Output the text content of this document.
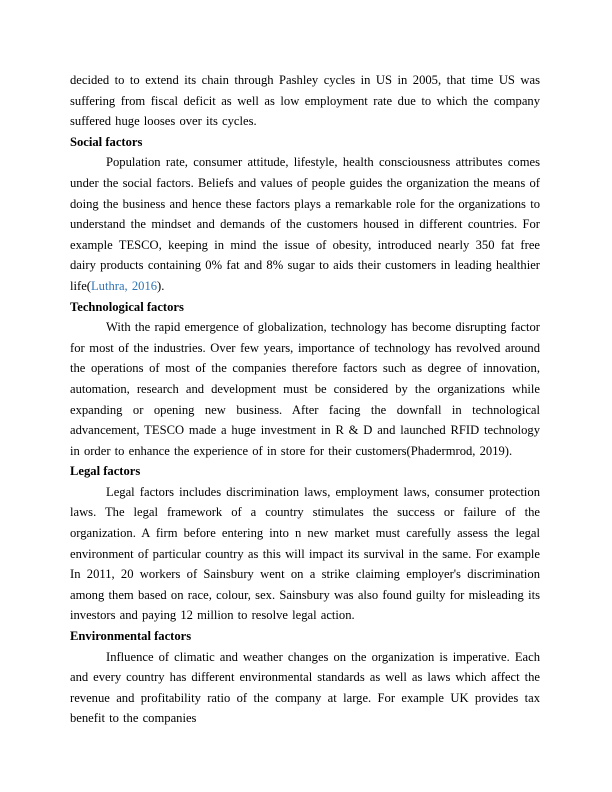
decided to to extend its chain through Pashley cycles in US in 2005, that time US was suffering from fiscal deficit as well as low employment rate due to which the company suffered huge looses over its cycles.

Social factors

Population rate, consumer attitude, lifestyle, health consciousness attributes comes under the social factors. Beliefs and values of people guides the organization the means of doing the business and hence these factors plays a remarkable role for the organizations to understand the mindset and demands of the customers housed in different countries. For example TESCO, keeping in mind the issue of obesity, introduced nearly 350 fat free dairy products containing 0% fat and 8% sugar to aids their customers in leading healthier life(Luthra, 2016).

Technological factors

With the rapid emergence of globalization, technology has become disrupting factor for most of the industries. Over few years, importance of technology has revolved around the operations of most of the companies therefore factors such as degree of innovation, automation, research and development must be considered by the organizations while expanding or opening new business. After facing the downfall in technological advancement, TESCO made a huge investment in R & D and launched RFID technology in order to enhance the experience of in store for their customers(Phadermrod, 2019).

Legal factors

Legal factors includes discrimination laws, employment laws, consumer protection laws. The legal framework of a country stimulates the success or failure of the organization. A firm before entering into n new market must carefully assess the legal environment of particular country as this will impact its survival in the same. For example In 2011, 20 workers of Sainsbury went on a strike claiming employer's discrimination among them based on race, colour, sex. Sainsbury was also found guilty for misleading its investors and paying 12 million to resolve legal action.

Environmental factors

Influence of climatic and weather changes on the organization is imperative. Each and every country has different environmental standards as well as laws which affect the revenue and profitability ratio of the company at large. For example UK provides tax benefit to the companies
